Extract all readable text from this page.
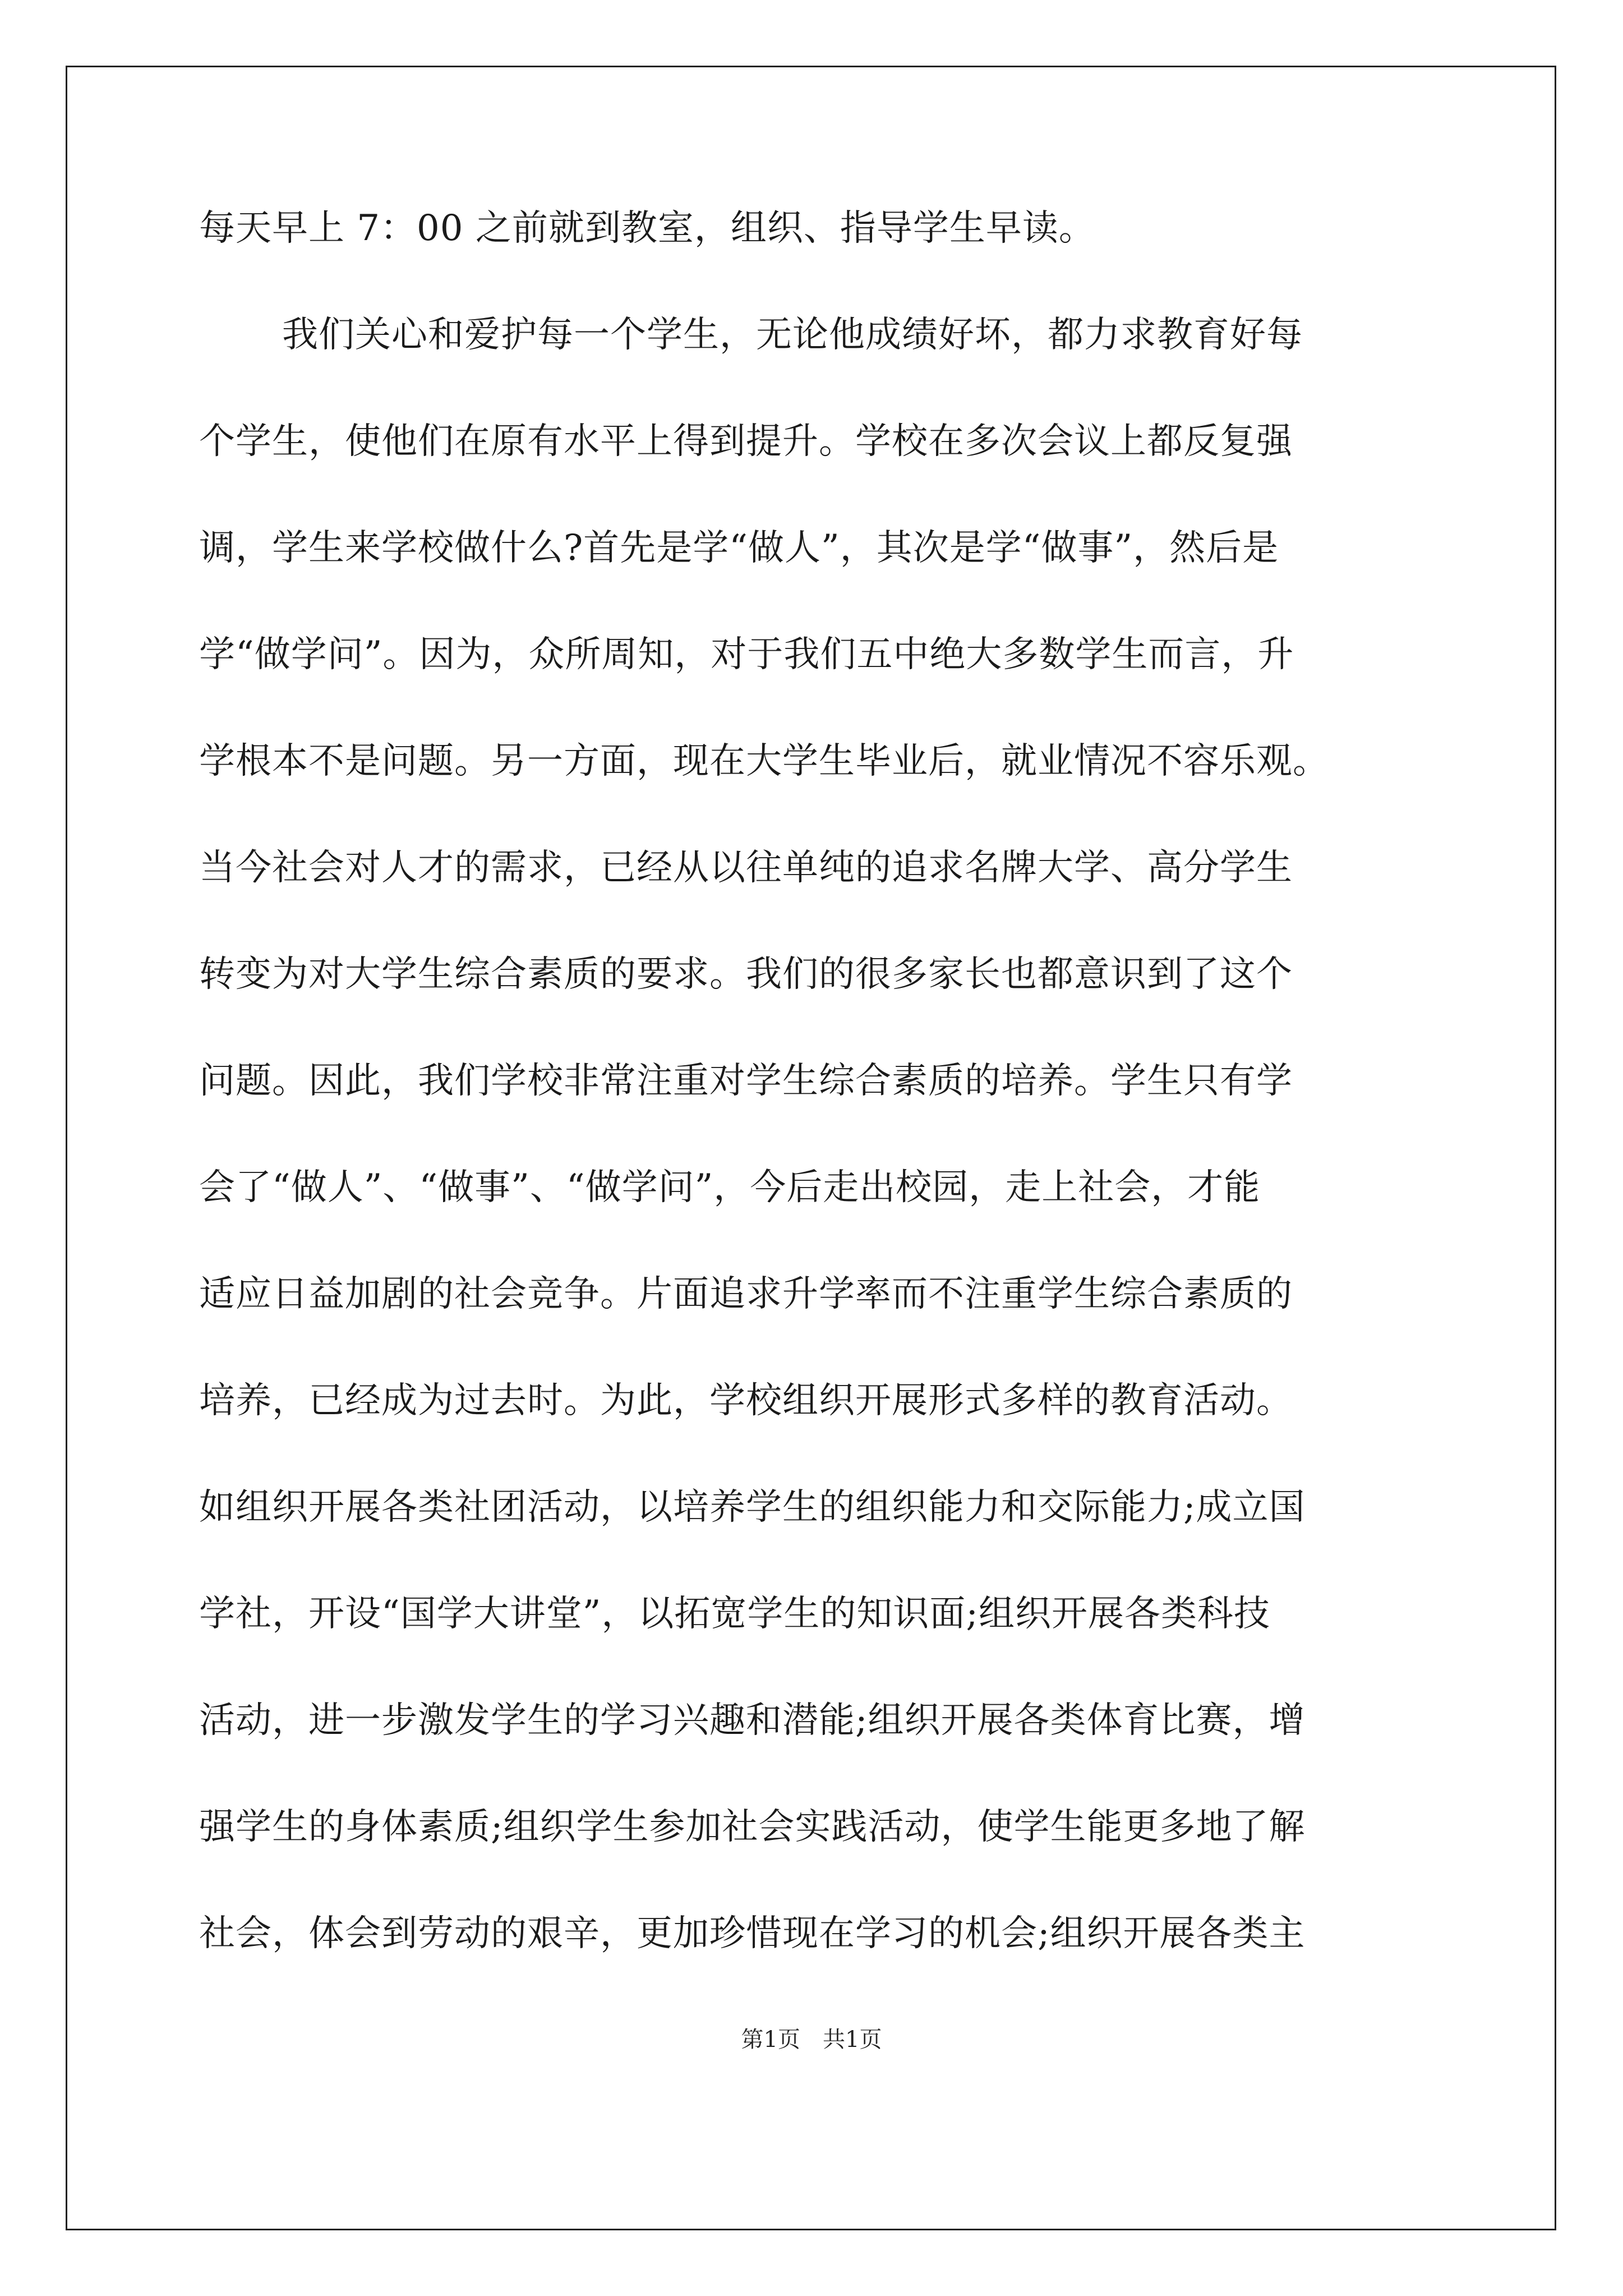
每天早上 7：00 之前就到教室，组织、指导学生早读。
我们关心和爱护每一个学生，无论他成绩好坏，都力求教育好每
个学生，使他们在原有水平上得到提升。学校在多次会议上都反复强
调，学生来学校做什么?首先是学“做人”，其次是学“做事”，然后是
学“做学问”。因为，众所周知，对于我们五中绝大多数学生而言，升
学根本不是问题。另一方面，现在大学生毕业后，就业情况不容乐观。
当今社会对人才的需求，已经从以往单纯的追求名牌大学、高分学生
转变为对大学生综合素质的要求。我们的很多家长也都意识到了这个
问题。因此，我们学校非常注重对学生综合素质的培养。学生只有学
会了“做人”、“做事”、“做学问”，今后走出校园，走上社会，才能
适应日益加剧的社会竞争。片面追求升学率而不注重学生综合素质的
培养，已经成为过去时。为此，学校组织开展形式多样的教育活动。
如组织开展各类社团活动，以培养学生的组织能力和交际能力;成立国
学社，开设“国学大讲堂”，以拓宽学生的知识面;组织开展各类科技
活动，进一步激发学生的学习兴趣和潜能;组织开展各类体育比赛，增
强学生的身体素质;组织学生参加社会实践活动，使学生能更多地了解
社会，体会到劳动的艰辛，更加珍惜现在学习的机会;组织开展各类主
第1页　共1页
